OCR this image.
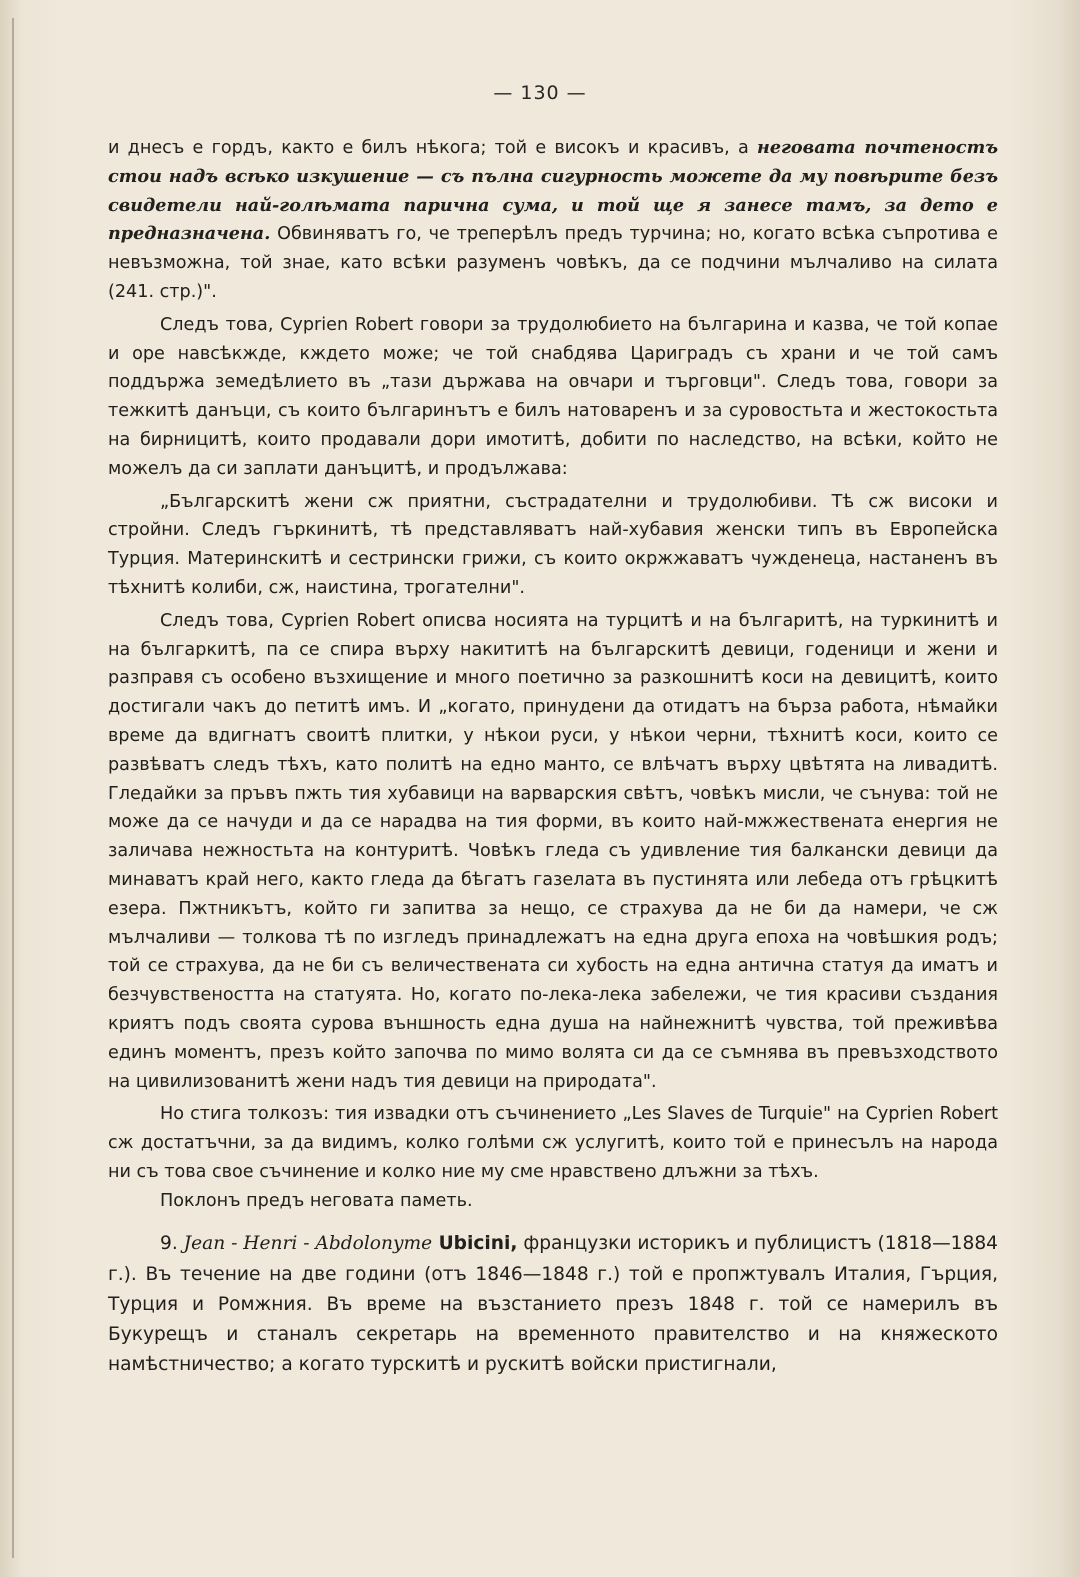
— 130 —

и днесъ е гордъ, както е билъ нѣкога; той е високъ и красивъ, а неговата почтеностъ стои надъ всѣко изкушение — съ пълна сигурность можете да му повѣрите безъ свидетели най-голѣмата парична сума, и той ще я занесе тамъ, за дето е предназначена. Обвиняватъ го, че трепеpѣлъ предъ турчина; но, когато всѣка съпротива е невъзможна, той знае, като всѣки разуменъ човѣкъ, да се подчини мълчаливо на силата (241. стр.)".

Следъ това, Cyprien Robert говори за трудолюбието на българина и казва, че той копае и оре навсѣкжде, кждето може; че той снабдява Цариградъ съ храни и че той самъ поддържа земедѣлието въ „тази държава на овчари и търговци". Следъ това, говори за тежкитѣ данъци, съ които българинътъ е билъ натоваренъ и за суровостьта и жестокостьта на бирницитѣ, които продавали дори имотитѣ, добити по наследство, на всѣки, който не можелъ да си заплати данъцитѣ, и продължава:

„Българскитѣ жени сж приятни, състрадателни и трудолюбиви. Тѣ сж високи и стройни. Следъ гъркинитѣ, тѣ представляватъ най-хубавия женски типъ въ Европейска Турция. Материнскитѣ и сестрински грижи, съ които окржжаватъ чужденеца, настаненъ въ тѣхнитѣ колиби, сж, наистина, трогателни".

Следъ това, Cyprien Robert описва носията на турцитѣ и на българитѣ, на туркинитѣ и на българкитѣ, па се спира върху накититѣ на българскитѣ девици, годеници и жени и разправя съ особено възхищение и много поетично за разкошнитѣ коси на девицитѣ, които достигали чакъ до петитѣ имъ. И „когато, принудени да отидатъ на бърза работа, нѣмайки време да вдигнатъ своитѣ плитки, у нѣкои руси, у нѣкои черни, тѣхнитѣ коси, които се развѣватъ следъ тѣхъ, като политѣ на едно манто, се влѣчатъ върху цвѣтята на ливадитѣ. Гледайки за пръвъ пжть тия хубавици на варварския свѣтъ, човѣкъ мисли, че сънува: той не може да се начуди и да се нарадва на тия форми, въ които най-мжжествената енергия не заличава нежностьта на контуритѣ. Човѣкъ гледа съ удивление тия балкански девици да минаватъ край него, както гледа да бѣгатъ газелата въ пустинята или лебеда отъ грѣцкитѣ езера. Пжтникътъ, който ги запитва за нещо, се страхува да не би да намери, че сж мълчаливи — толкова тѣ по изгледъ принадлежатъ на една друга епоха на човѣшкия родъ; той се страхува, да не би съ величествената си хубость на една антична статуя да иматъ и безчувствеността на статуята. Но, когато по-лека-лека забележи, че тия красиви създания криятъ подъ своята сурова външность една душа на найнежнитѣ чувства, той преживѣва единъ моментъ, презъ който започва по мимо волята си да се съмнява въ превъзходството на цивилизованитѣ жени надъ тия девици на природата".

Но стига толкозъ: тия извадки отъ съчинението „Les Slaves de Turquie" на Cyprien Robert сж достатъчни, за да видимъ, колко голѣми сж услугитѣ, които той е принесълъ на народа ни съ това свое съчинение и колко ние му сме нравствено длъжни за тѣхъ.

Поклонъ предъ неговата паметь.

9. Jean - Henri - Abdolonyme Ubicini, французки историкъ и публицистъ (1818—1884 г.). Въ течение на две години (отъ 1846—1848 г.) той е пропжтувалъ Италия, Гърция, Турция и Ромжния. Въ време на възстанието презъ 1848 г. той се намерилъ въ Букурещъ и станалъ секретарь на временното правителство и на княжеското намѣстничество; а когато турскитѣ и рускитѣ войски пристигнали,
